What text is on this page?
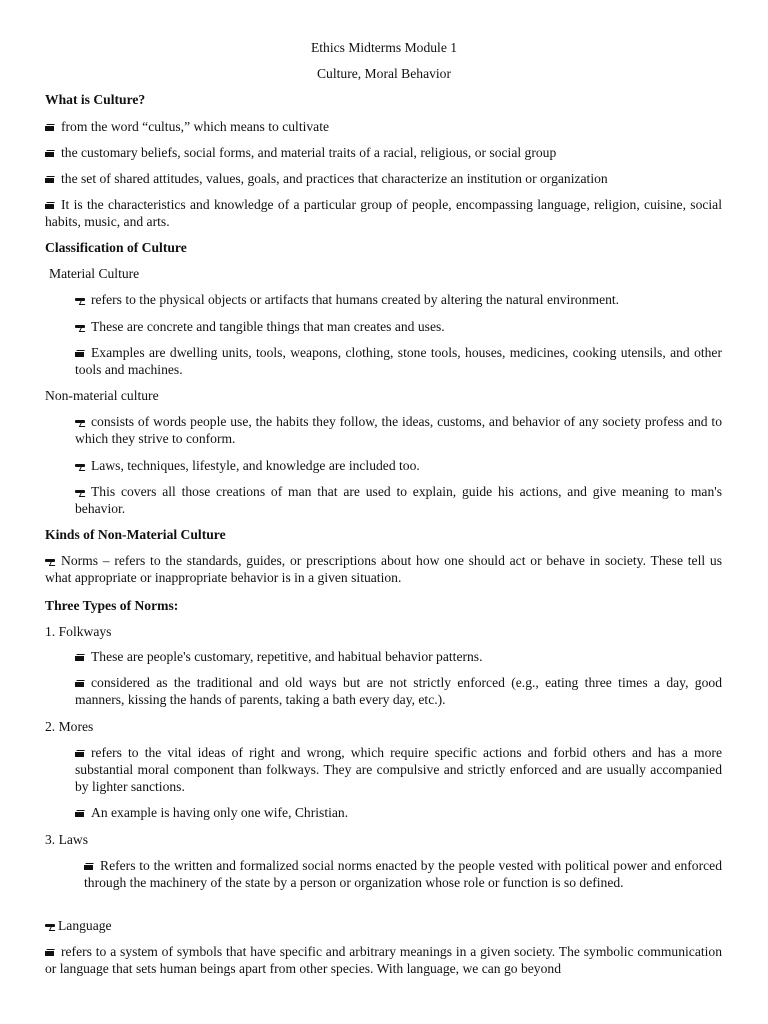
Ethics Midterms Module 1
Culture, Moral Behavior
What is Culture?
from the word “cultus,” which means to cultivate
the customary beliefs, social forms, and material traits of a racial, religious, or social group
the set of shared attitudes, values, goals, and practices that characterize an institution or organization
It is the characteristics and knowledge of a particular group of people, encompassing language, religion, cuisine, social habits, music, and arts.
Classification of Culture
Material Culture
refers to the physical objects or artifacts that humans created by altering the natural environment.
These are concrete and tangible things that man creates and uses.
Examples are dwelling units, tools, weapons, clothing, stone tools, houses, medicines, cooking utensils, and other tools and machines.
Non-material culture
consists of words people use, the habits they follow, the ideas, customs, and behavior of any society profess and to which they strive to conform.
Laws, techniques, lifestyle, and knowledge are included too.
This covers all those creations of man that are used to explain, guide his actions, and give meaning to man's behavior.
Kinds of Non-Material Culture
Norms – refers to the standards, guides, or prescriptions about how one should act or behave in society. These tell us what appropriate or inappropriate behavior is in a given situation.
Three Types of Norms:
1. Folkways
These are people's customary, repetitive, and habitual behavior patterns.
considered as the traditional and old ways but are not strictly enforced (e.g., eating three times a day, good manners, kissing the hands of parents, taking a bath every day, etc.).
2. Mores
refers to the vital ideas of right and wrong, which require specific actions and forbid others and has a more substantial moral component than folkways. They are compulsive and strictly enforced and are usually accompanied by lighter sanctions.
An example is having only one wife, Christian.
3. Laws
Refers to the written and formalized social norms enacted by the people vested with political power and enforced through the machinery of the state by a person or organization whose role or function is so defined.
Language
refers to a system of symbols that have specific and arbitrary meanings in a given society. The symbolic communication or language that sets human beings apart from other species. With language, we can go beyond
